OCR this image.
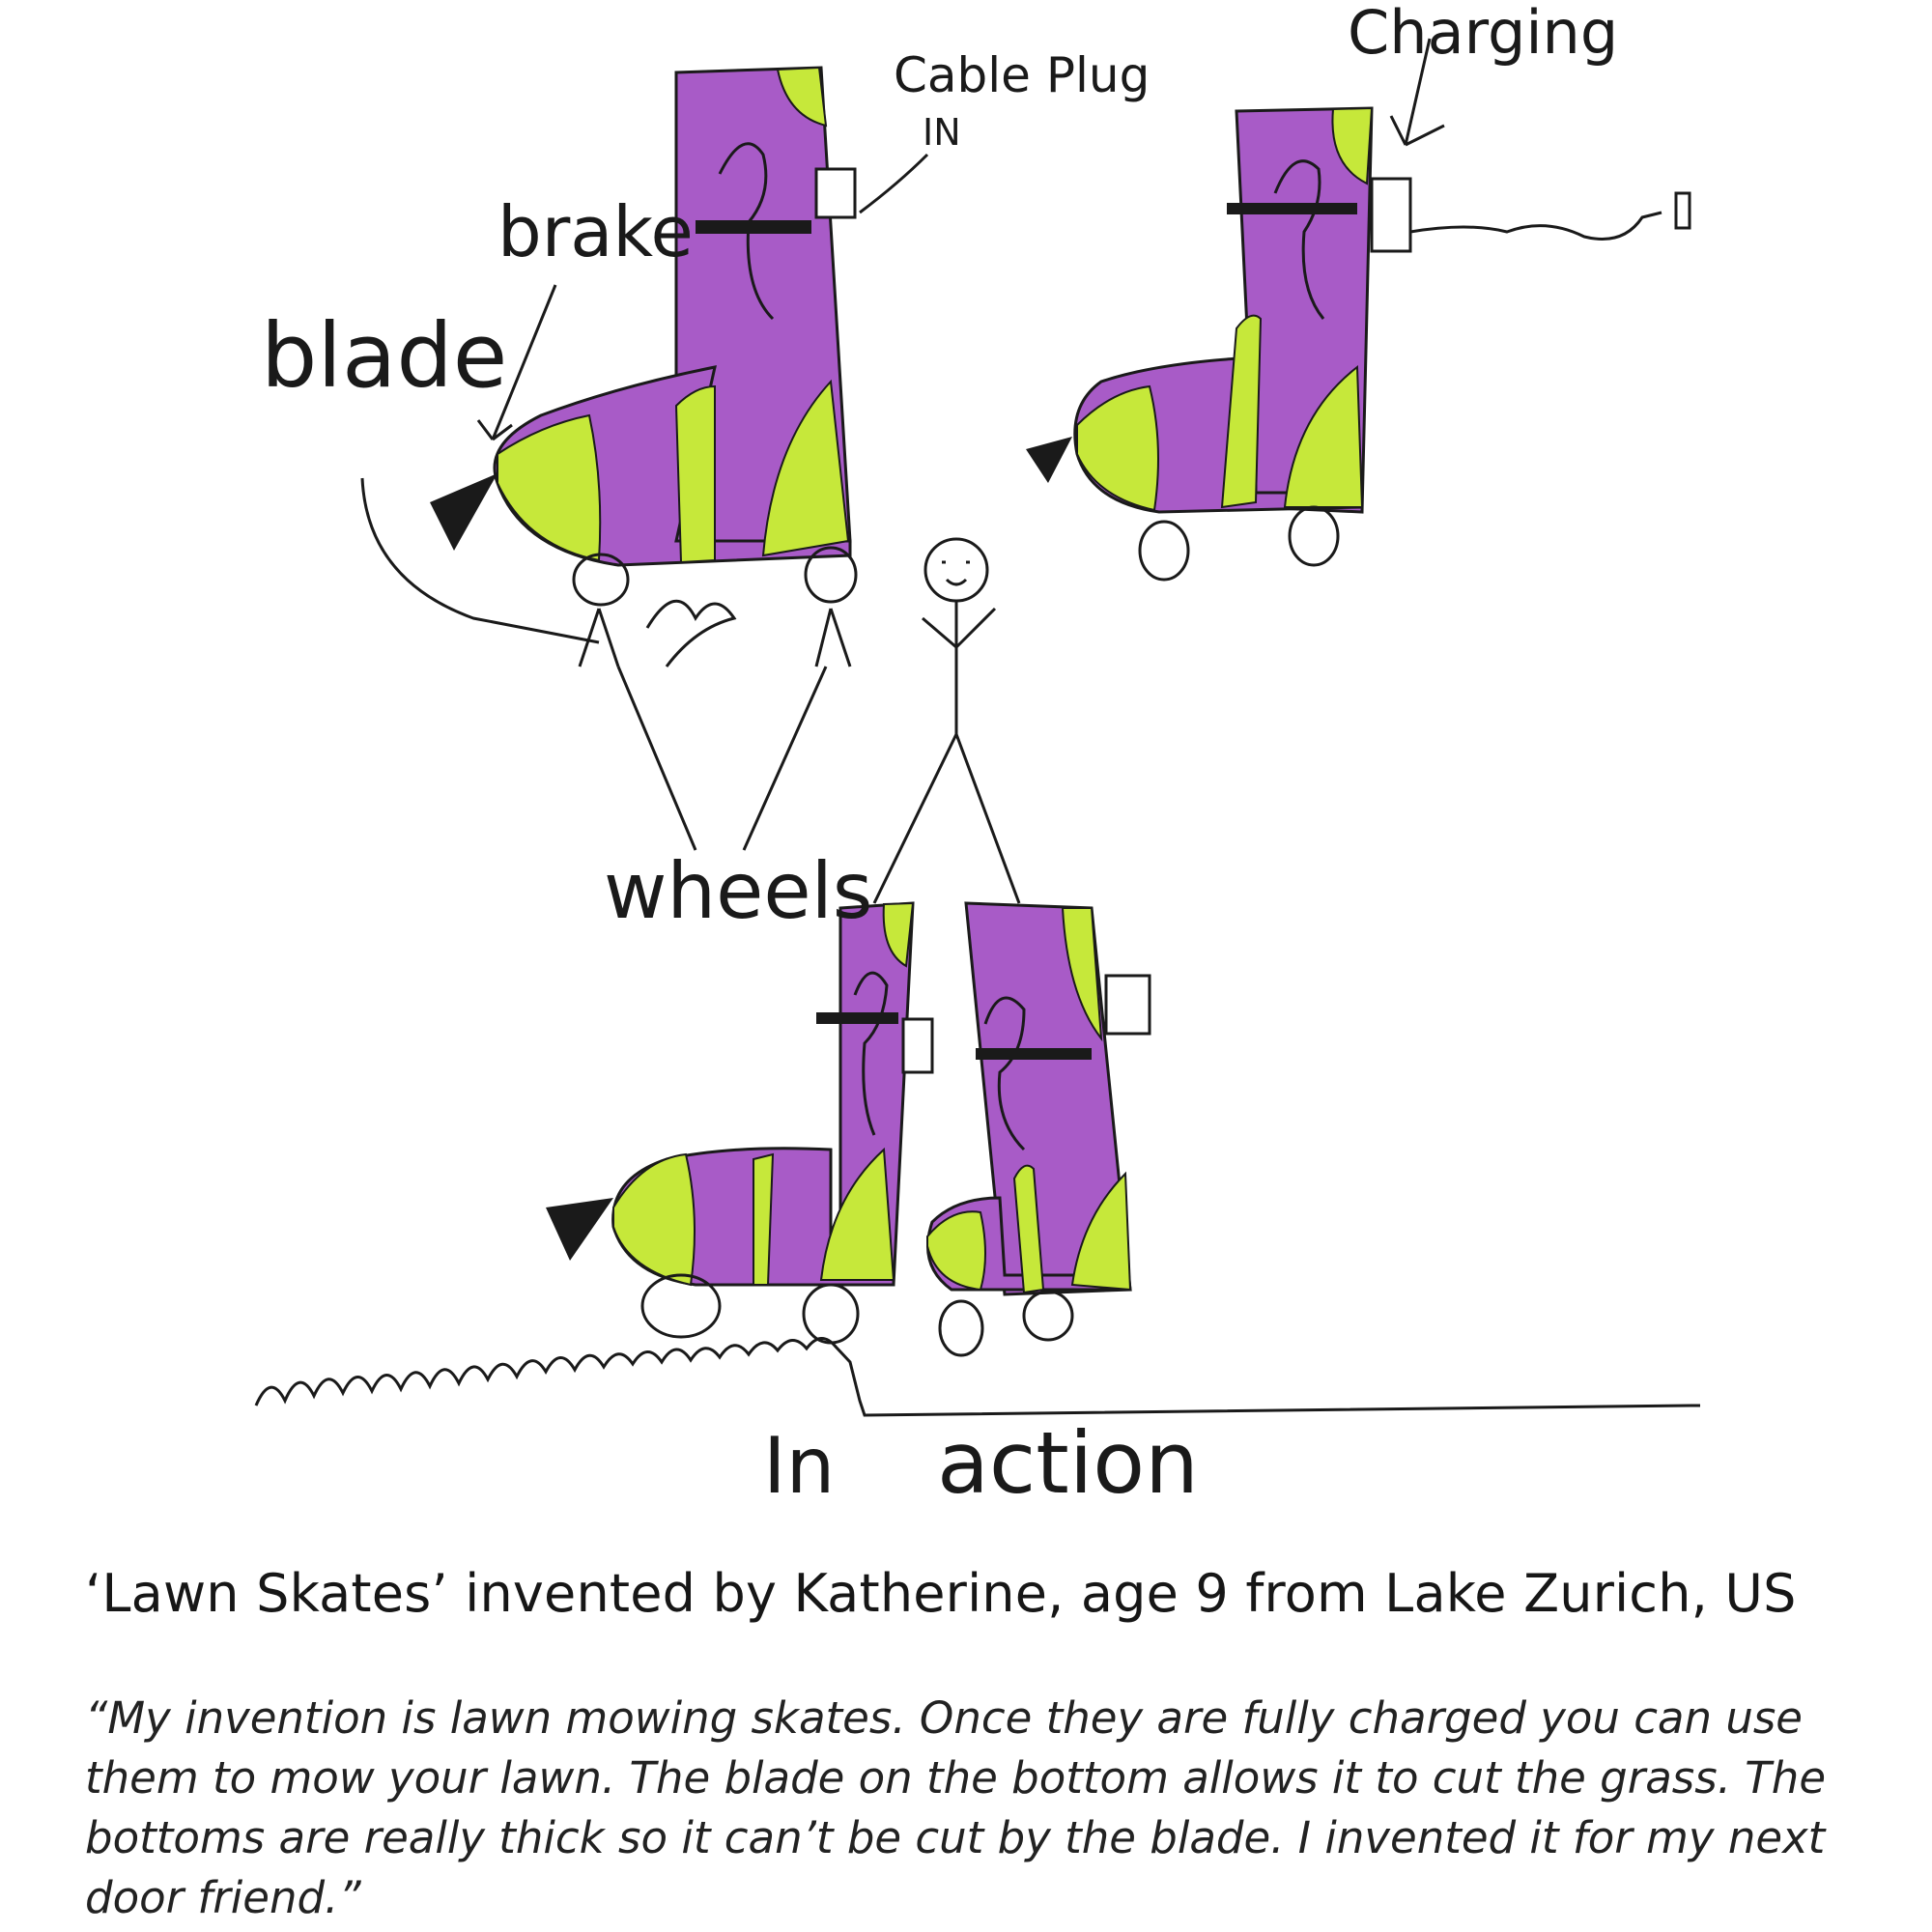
blade
brake
Cable Plug
IN
Charging
wheels
In action
‘Lawn Skates’ invented by Katherine, age 9 from Lake Zurich, US
“My invention is lawn mowing skates. Once they are fully charged you can use them to mow your lawn. The blade on the bottom allows it to cut the grass. The bottoms are really thick so it can’t be cut by the blade. I invented it for my next door friend.”
